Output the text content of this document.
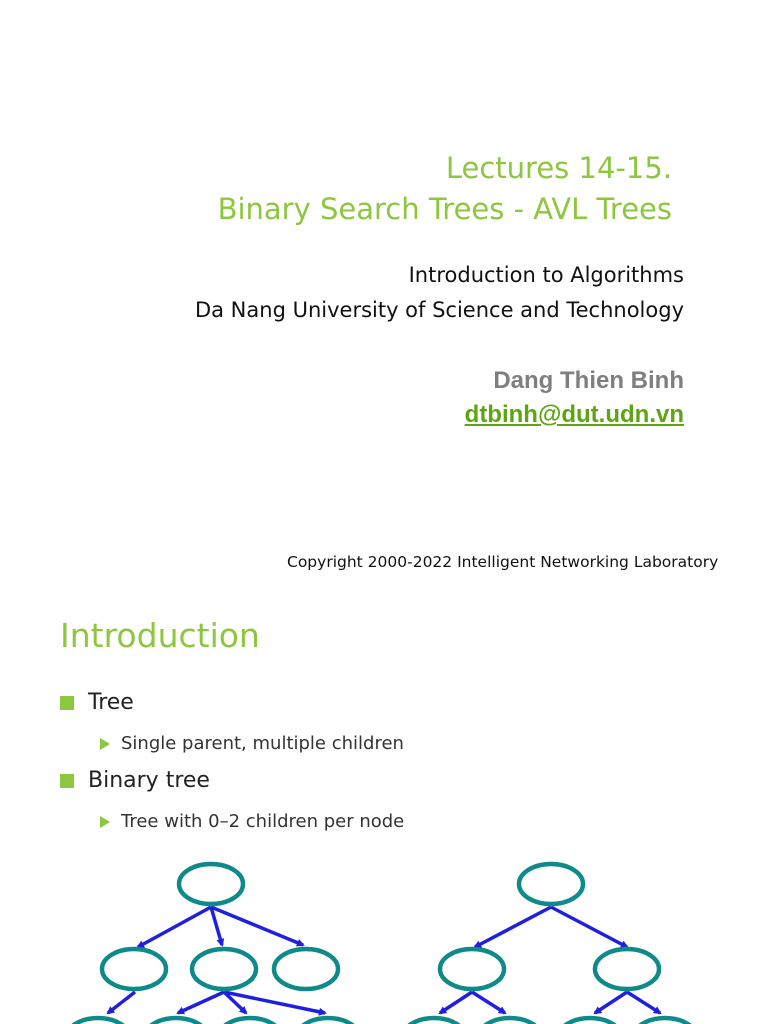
Lectures 14-15.
Binary Search Trees - AVL Trees
Introduction to Algorithms
Da Nang University of Science and Technology
Dang Thien Binh
dtbinh@dut.udn.vn
Copyright 2000-2022 Intelligent Networking Laboratory
Introduction
Tree
Single parent, multiple children
Binary tree
Tree with 0–2 children per node
